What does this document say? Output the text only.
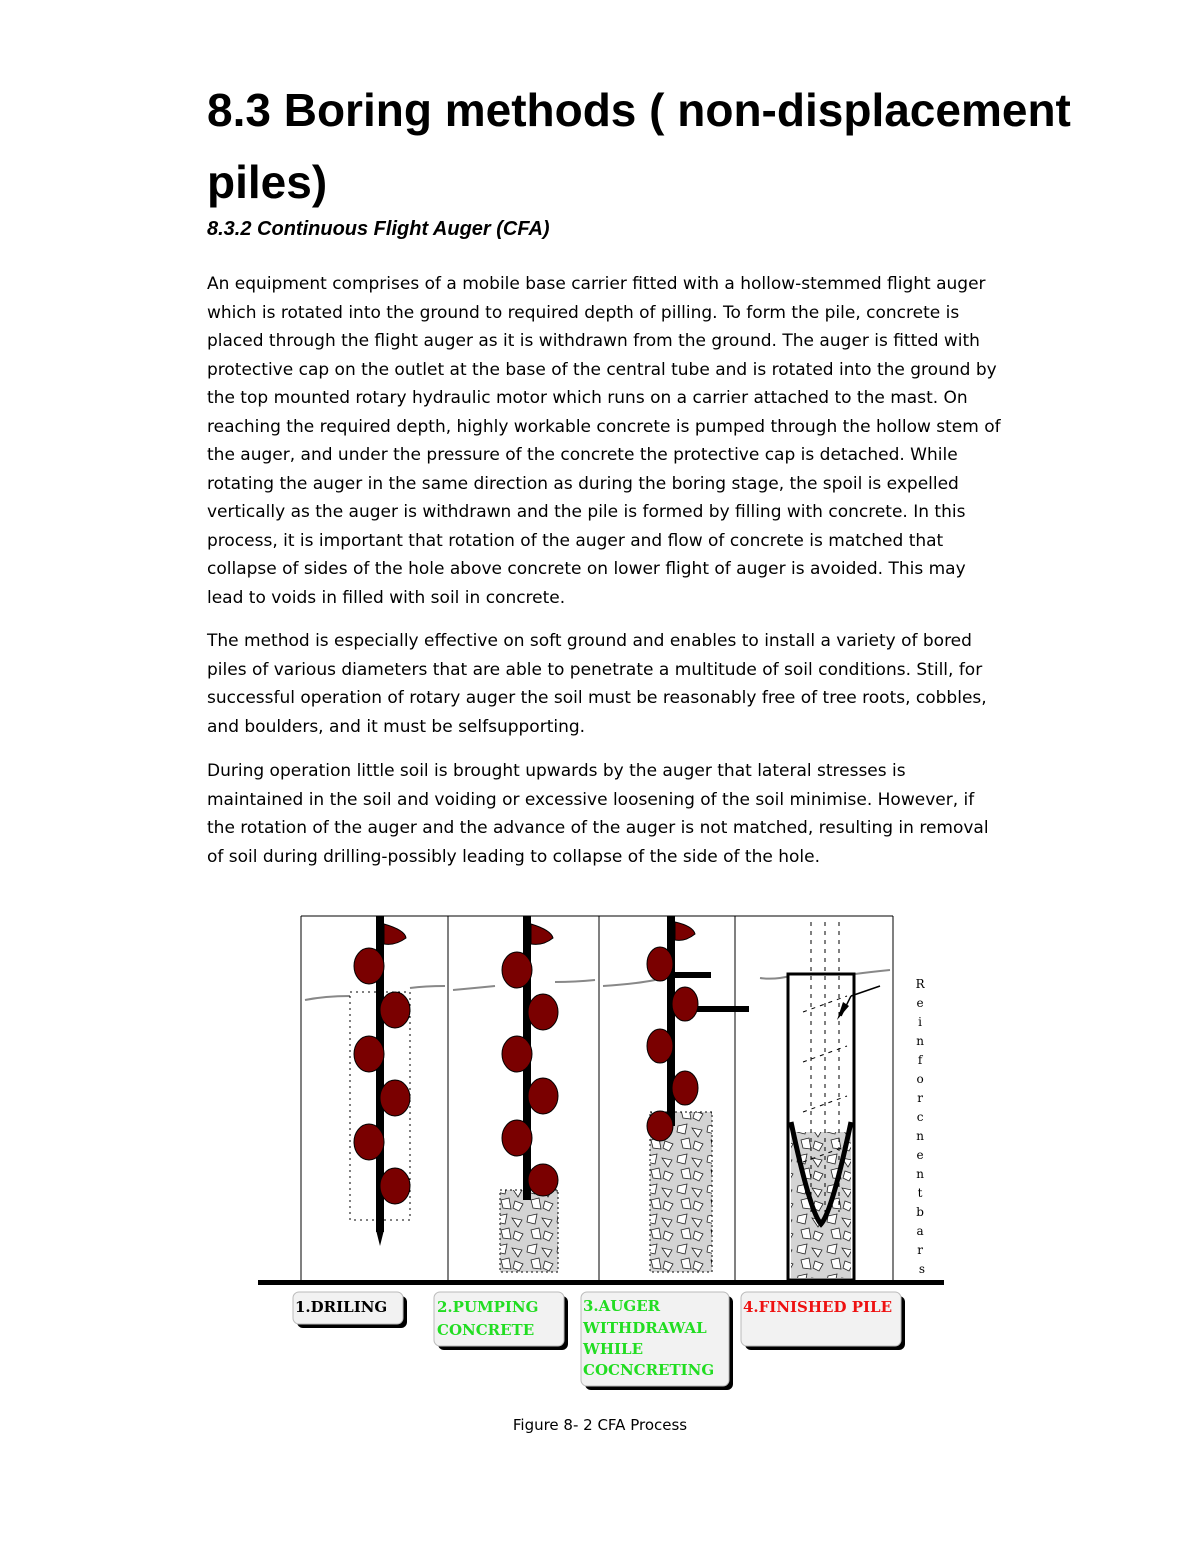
8.3 Boring methods ( non-displacement
piles)
8.3.2 Continuous Flight Auger (CFA)

An equipment comprises of a mobile base carrier fitted with a hollow-stemmed flight auger which is rotated into the ground to required depth of pilling. To form the pile, concrete is placed through the flight auger as it is withdrawn from the ground. The auger is fitted with protective cap on the outlet at the base of the central tube and is rotated into the ground by the top mounted rotary hydraulic motor which runs on a carrier attached to the mast. On reaching the required depth, highly workable concrete is pumped through the hollow stem of the auger, and under the pressure of the concrete the protective cap is detached. While rotating the auger in the same direction as during the boring stage, the spoil is expelled vertically as the auger is withdrawn and the pile is formed by filling with concrete. In this process, it is important that rotation of the auger and flow of concrete is matched that collapse of sides of the hole above concrete on lower flight of auger is avoided. This may lead to voids in filled with soil in concrete.

The method is especially effective on soft ground and enables to install a variety of bored piles of various diameters that are able to penetrate a multitude of soil conditions. Still, for successful operation of rotary auger the soil must be reasonably free of tree roots, cobbles, and boulders, and it must be selfsupporting.

During operation little soil is brought upwards by the auger that lateral stresses is maintained in the soil and voiding or excessive loosening of the soil minimise. However, if the rotation of the auger and the advance of the auger is not matched, resulting in removal of soil during drilling-possibly leading to collapse of the side of the hole.

R e i n f o r c n e n t b a r s
1.DRILING	2.PUMPING CONCRETE
3.AUGER WITHDRAWAL WHILE COCNCRETING
4.FINISHED PILE
Figure 8- 2 CFA Process
